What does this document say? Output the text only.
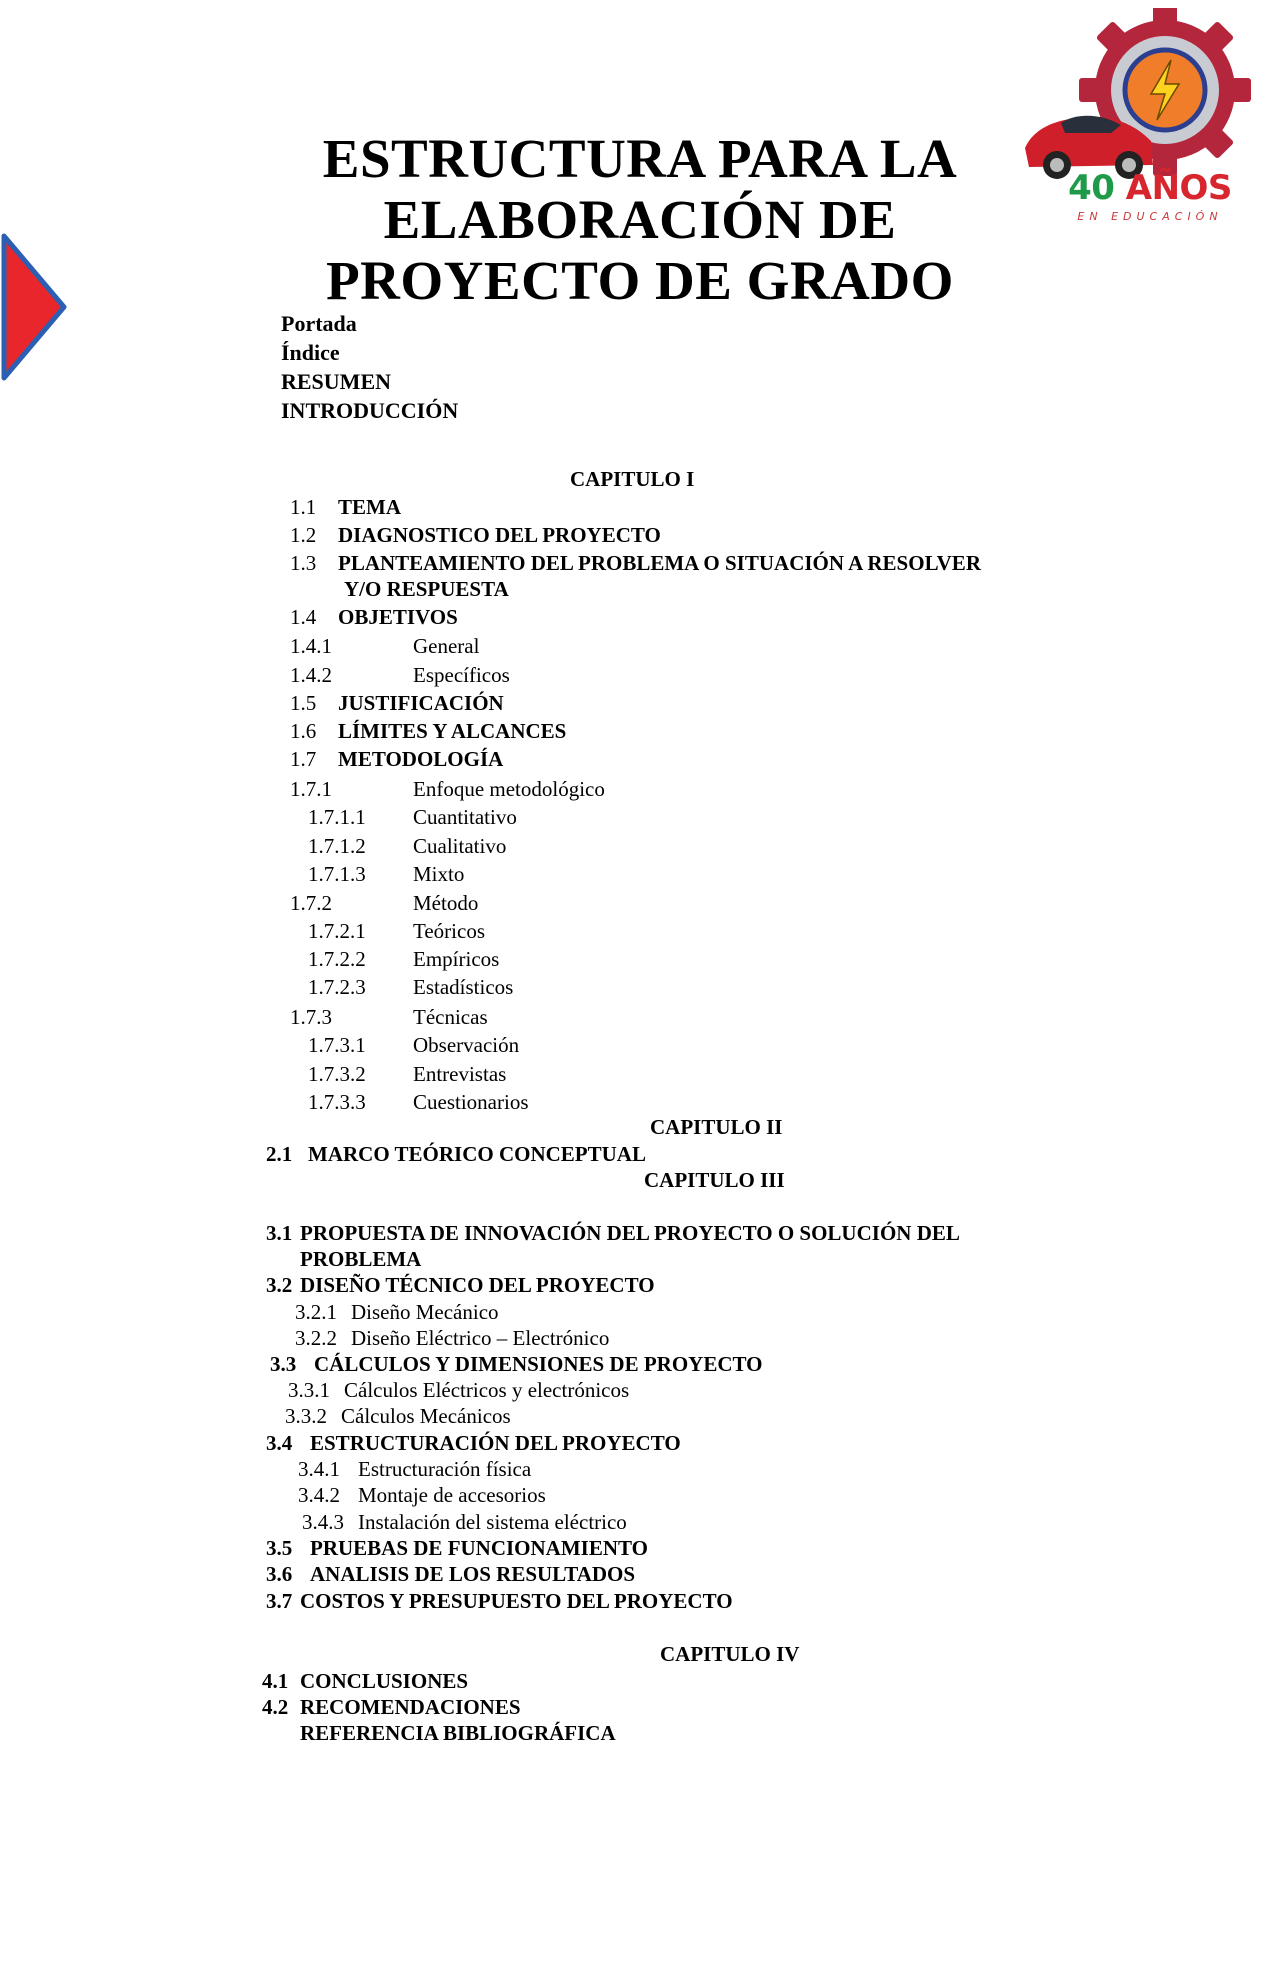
40 AÑOS
EN EDUCACIÓN
ESTRUCTURA PARA LA
ELABORACIÓN DE
PROYECTO DE GRADO
Portada
Índice
RESUMEN
INTRODUCCIÓN
CAPITULO I
1.1 TEMA
1.2 DIAGNOSTICO DEL PROYECTO
1.3 PLANTEAMIENTO DEL PROBLEMA O SITUACIÓN A RESOLVER
Y/O RESPUESTA
1.4 OBJETIVOS
1.4.1	General
1.4.2	Específicos
1.5 JUSTIFICACIÓN
1.6 LÍMITES Y ALCANCES
1.7 METODOLOGÍA
1.7.1	Enfoque metodológico
1.7.1.1 Cuantitativo
1.7.1.2 Cualitativo
1.7.1.3 Mixto
1.7.2	Método
1.7.2.1 Teóricos
1.7.2.2 Empíricos
1.7.2.3 Estadísticos
1.7.3	Técnicas
1.7.3.1 Observación
1.7.3.2 Entrevistas
1.7.3.3 Cuestionarios
CAPITULO II
2.1 MARCO TEÓRICO CONCEPTUAL
CAPITULO III
3.1 PROPUESTA DE INNOVACIÓN DEL PROYECTO O SOLUCIÓN DEL
PROBLEMA
3.2 DISEÑO TÉCNICO DEL PROYECTO
3.2.1 Diseño Mecánico
3.2.2 Diseño Eléctrico – Electrónico
3.3 CÁLCULOS Y DIMENSIONES DE PROYECTO
3.3.1 Cálculos Eléctricos y electrónicos
3.3.2 Cálculos Mecánicos
3.4 ESTRUCTURACIÓN DEL PROYECTO
3.4.1 Estructuración física
3.4.2 Montaje de accesorios
3.4.3 Instalación del sistema eléctrico
3.5 PRUEBAS DE FUNCIONAMIENTO
3.6 ANALISIS DE LOS RESULTADOS
3.7 COSTOS Y PRESUPUESTO DEL PROYECTO
CAPITULO IV
4.1 CONCLUSIONES
4.2 RECOMENDACIONES
REFERENCIA BIBLIOGRÁFICA
